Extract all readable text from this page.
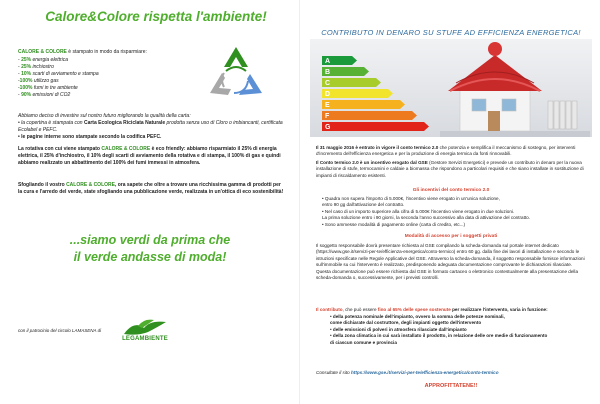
Calore&Colore rispetta l'ambiente!
CALORE & COLORE è stampato in modo da risparmiare:
- 25% energia elettrica
- 25% inchiostro
- 10% scarti di avviamento e stampa
-100% utilizzo gas
-100% fumi in tre ambiente
- 90% emissioni di CO2
Abbiamo deciso di investire sul nostro futuro migliorando la qualità della carta:
• la copertina è stampata con Carta Ecologica Riciclata Naturale prodotta senza uso di Cloro o imbiancanti, certificata Ecolabel e PEFC.
• le pagine interne sono stampate secondo la codifica PEFC.
La rotativa con cui viene stampato CALORE & COLORE è eco friendly: abbiamo risparmiato il 25% di energia elettrica, il 25% d'inchiostro, il 10% degli scarti di avviamento della rotativa e di stampa, il 100% di gas e quindi abbiamo realizzato un abbattimento del 100% dei fumi immessi in atmosfera.
Sfogliando il vostro CALORE & COLORE, ora sapete che oltre a trovare una ricchissima gamma di prodotti per la cura e l'arredo del verde, state sfogliando una pubblicazione verde, realizzata in un'ottica di eco sostenibilità!
...siamo verdi da prima che
il verde andasse di moda!
con il patrocinio del circolo LAMASENA di
LEGAMBIENTE
CONTRIBUTO IN DENARO SU STUFE AD EFFICIENZA ENERGETICA!
A
B
C
D
E
F
G
Il 31 maggio 2016 è entrato in vigore il conto termico 2.0 che potenzia e semplifica il meccanismo di sostegno, per interventi d'incremento dell'efficienza energetica e per la produzione di energia termica da fonti rinnovabili.
Il Conto termico 2.0 è un incentivo erogato dal GSE (Gestore Servizi Energetici) e prevede un contributo in denaro per la nuova installazione di stufe, termocamini e caldaie a biomassa che rispondono a particolari requisiti e che siano installate in sostituzione di impianti di riscaldamento esistenti.
Gli incentivi del conto termico 2.0
• Quadra non supera l'importo di 5.000€, l'incentivo viene erogato in un'unica soluzione,
entro 90 gg dall'attivazione del contratto.
• Nel caso di un importo superiore alla cifra di 5.000€ l'incentivo viene erogato in due soluzioni.
La prima soluzione entro i 90 giorni, la seconda l'anno successivo alla data di attivazione del contratto.
• Sono ammesse modalità di pagamento online (carta di credito, etc...)
Modalità di accesso per i soggetti privati
Il soggetto responsabile dovrà presentare richiesta al GSE compilando la scheda-domanda sul portale internet dedicato (https://www.gse.it/servizi-per-te/efficienza-energetica/conto-termico) entro 60 gg. dalla fine dei lavori di installazione e secondo le istruzioni specificate nelle Regole Applicative del GSE. Attraverso la scheda-domanda, il soggetto responsabile fornisce informazioni sull'immobile su cui l'intervento è realizzato, predisponendo adeguata documentazione comprovante le dichiarazioni rilasciate. Questa documentazione può essere richiesta dal GSE in formato cartaceo o elettronico contestualmente alla presentazione della scheda-domanda o, successivamente, per i previsti controlli.
Il contributo, che può essere fino al 65% delle spese sostenute per realizzare l'intervento, varia in funzione:
• della potenza nominale dell'impianto, ovvero la somma delle potenze nominali,
come dichiarate dal costruttore, degli impianti oggetto dell'intervento
• delle emissioni di polveri in atmosfera rilasciate dall'impianto
• della zona climatica in cui sarà installato il prodotto, in relazione delle ore medie di funzionamento
di ciascun comune e provincia
Consultate il sito https://www.gse.it/servizi-per-te/efficienza-energetica/conto-termico
APPROFITTATENE!!
